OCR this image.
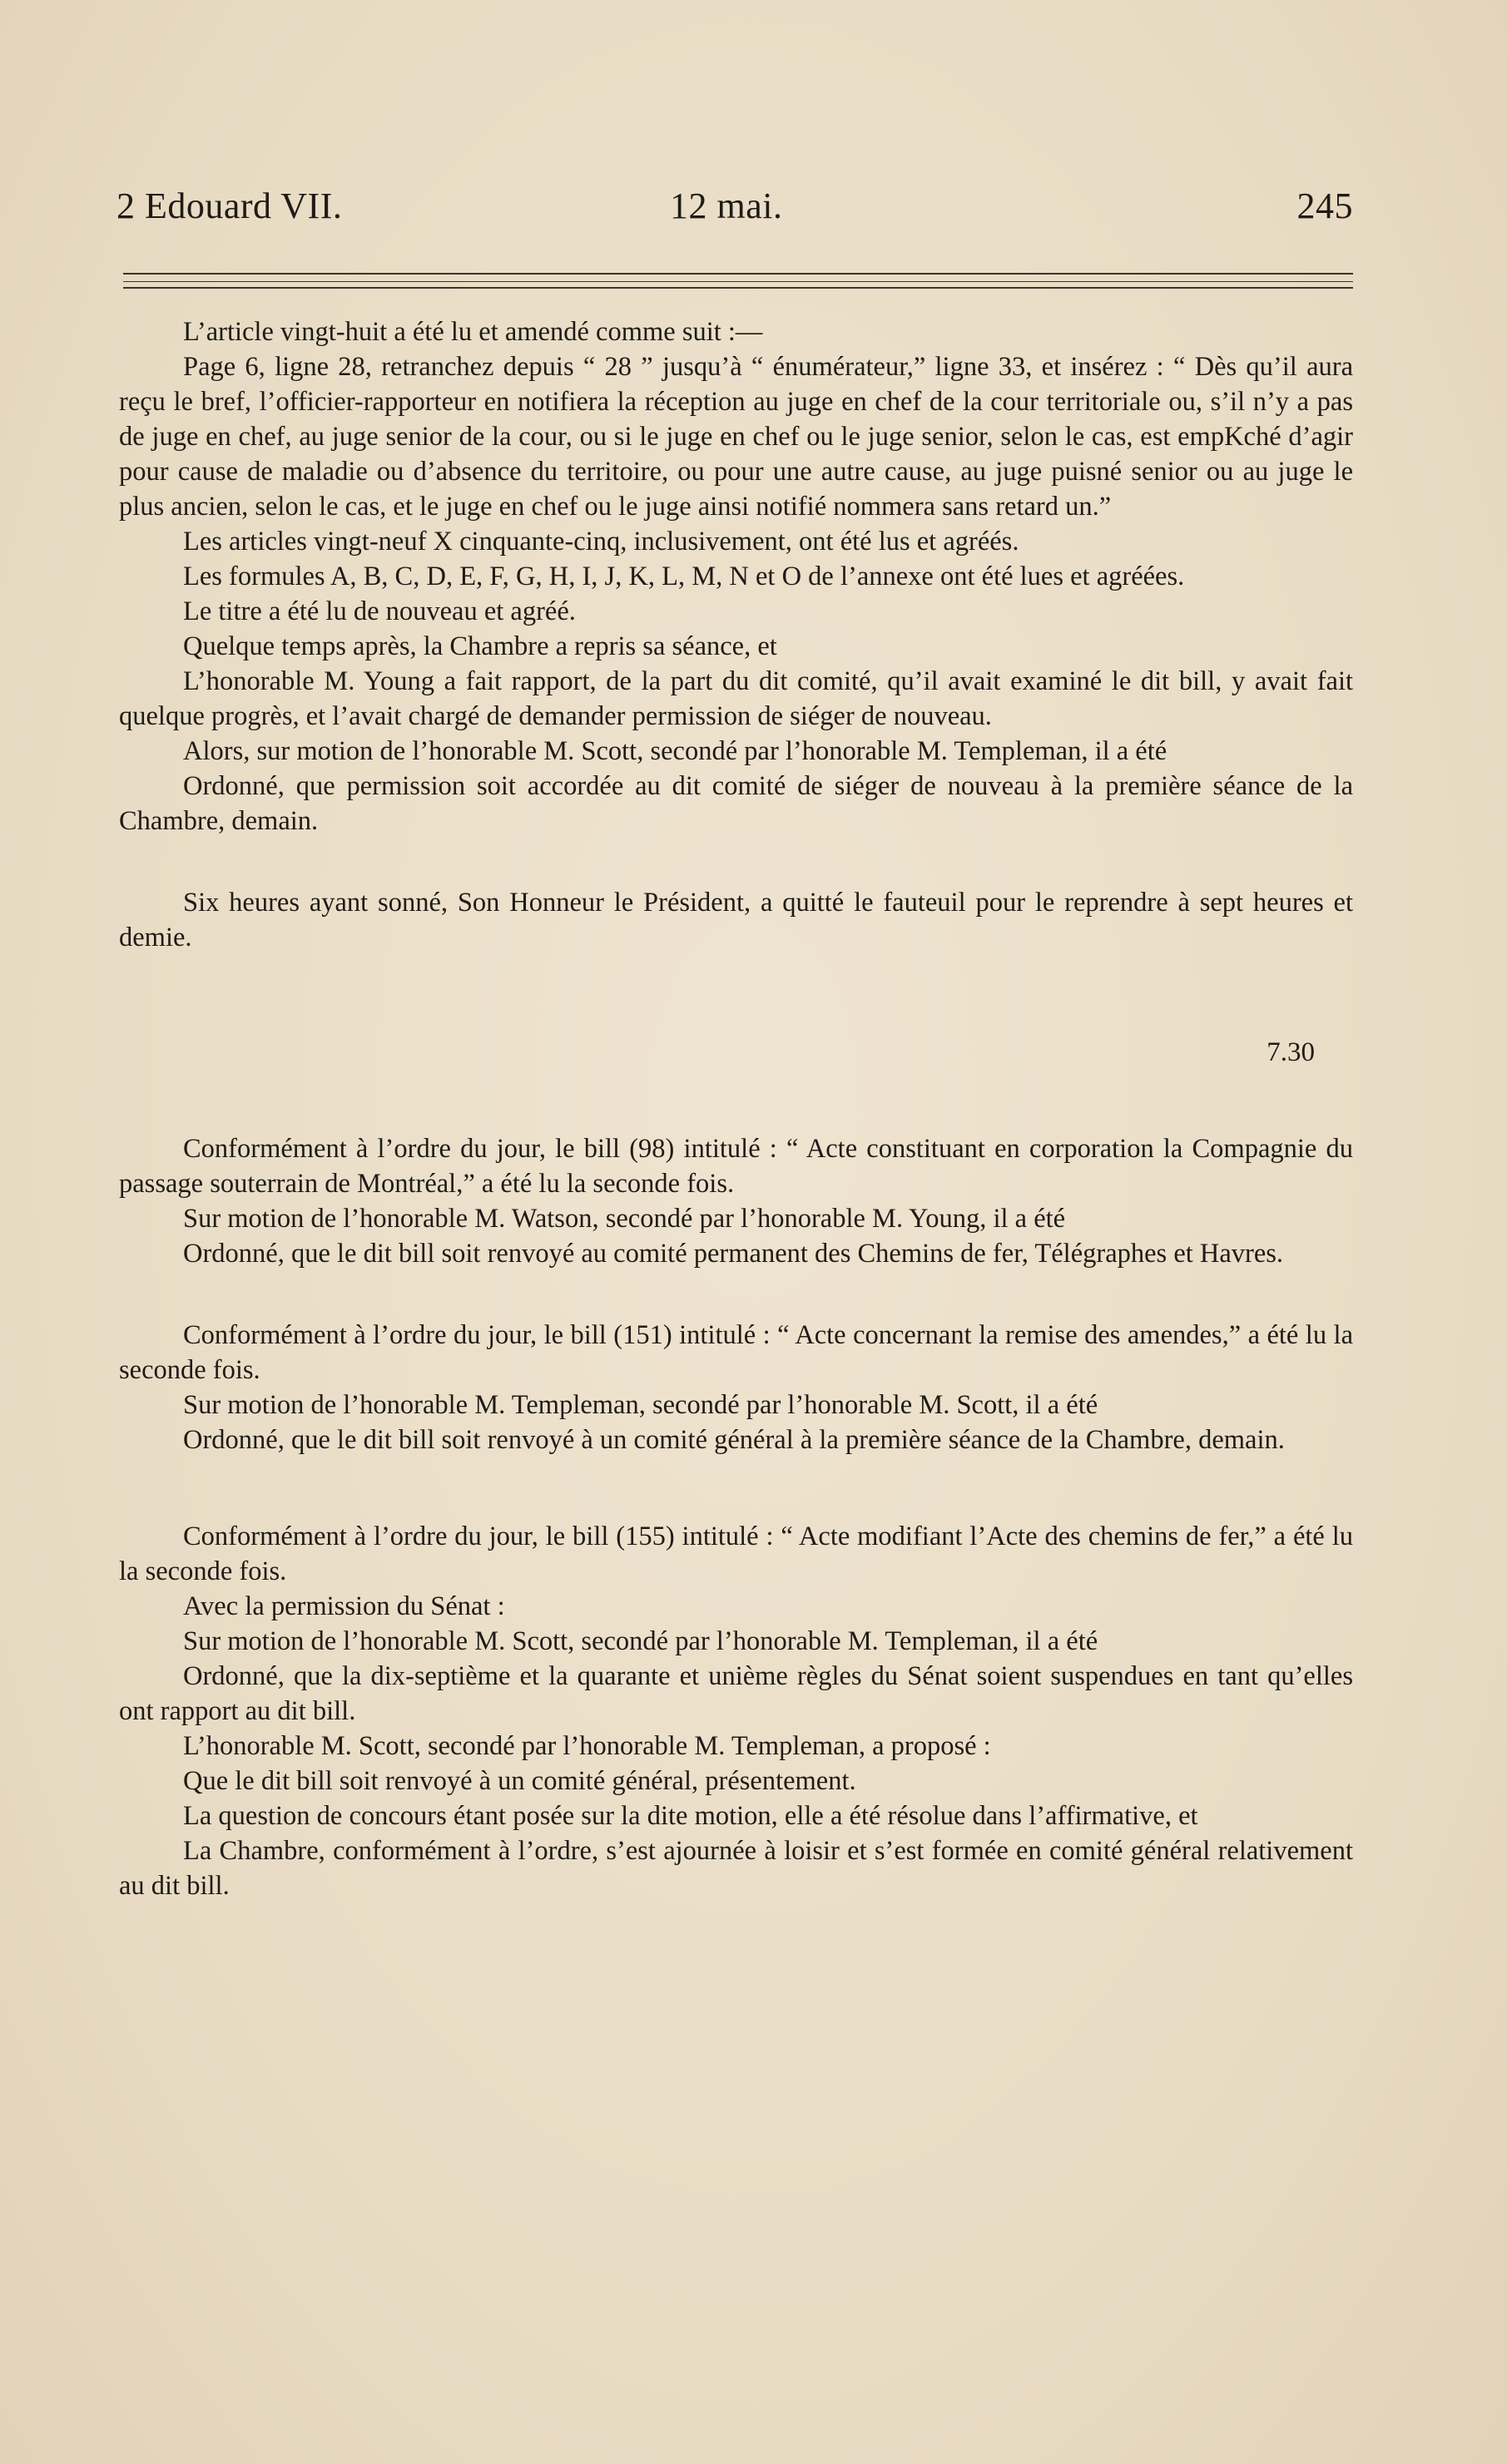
2 Edouard VII.	12 mai.	245

L’article vingt-huit a été lu et amendé comme suit :—

Page 6, ligne 28, retranchez depuis “ 28 ” jusqu’à “ énumérateur,” ligne 33, et insérez : “ Dès qu’il aura reçu le bref, l’officier-rapporteur en notifiera la réception au juge en chef de la cour territoriale ou, s’il n’y a pas de juge en chef, au juge senior de la cour, ou si le juge en chef ou le juge senior, selon le cas, est empKché d’agir pour cause de maladie ou d’absence du territoire, ou pour une autre cause, au juge puisné senior ou au juge le plus ancien, selon le cas, et le juge en chef ou le juge ainsi notifié nommera sans retard un.”

Les articles vingt-neuf X cinquante-cinq, inclusivement, ont été lus et agréés.

Les formules A, B, C, D, E, F, G, H, I, J, K, L, M, N et O de l’annexe ont été lues et agréées.

Le titre a été lu de nouveau et agréé.

Quelque temps après, la Chambre a repris sa séance, et

L’honorable M. Young a fait rapport, de la part du dit comité, qu’il avait examiné le dit bill, y avait fait quelque progrès, et l’avait chargé de demander permission de siéger de nouveau.

Alors, sur motion de l’honorable M. Scott, secondé par l’honorable M. Templeman, il a été

Ordonné, que permission soit accordée au dit comité de siéger de nouveau à la première séance de la Chambre, demain.

Six heures ayant sonné, Son Honneur le Président, a quitté le fauteuil pour le reprendre à sept heures et demie.

7.30

Conformément à l’ordre du jour, le bill (98) intitulé : “ Acte constituant en corporation la Compagnie du passage souterrain de Montréal,” a été lu la seconde fois.

Sur motion de l’honorable M. Watson, secondé par l’honorable M. Young, il a été

Ordonné, que le dit bill soit renvoyé au comité permanent des Chemins de fer, Télégraphes et Havres.

Conformément à l’ordre du jour, le bill (151) intitulé : “ Acte concernant la remise des amendes,” a été lu la seconde fois.

Sur motion de l’honorable M. Templeman, secondé par l’honorable M. Scott, il a été

Ordonné, que le dit bill soit renvoyé à un comité général à la première séance de la Chambre, demain.

Conformément à l’ordre du jour, le bill (155) intitulé : “ Acte modifiant l’Acte des chemins de fer,” a été lu la seconde fois.

Avec la permission du Sénat :

Sur motion de l’honorable M. Scott, secondé par l’honorable M. Templeman, il a été

Ordonné, que la dix-septième et la quarante et unième règles du Sénat soient suspendues en tant qu’elles ont rapport au dit bill.

L’honorable M. Scott, secondé par l’honorable M. Templeman, a proposé :

Que le dit bill soit renvoyé à un comité général, présentement.

La question de concours étant posée sur la dite motion, elle a été résolue dans l’affirmative, et

La Chambre, conformément à l’ordre, s’est ajournée à loisir et s’est formée en comité général relativement au dit bill.
